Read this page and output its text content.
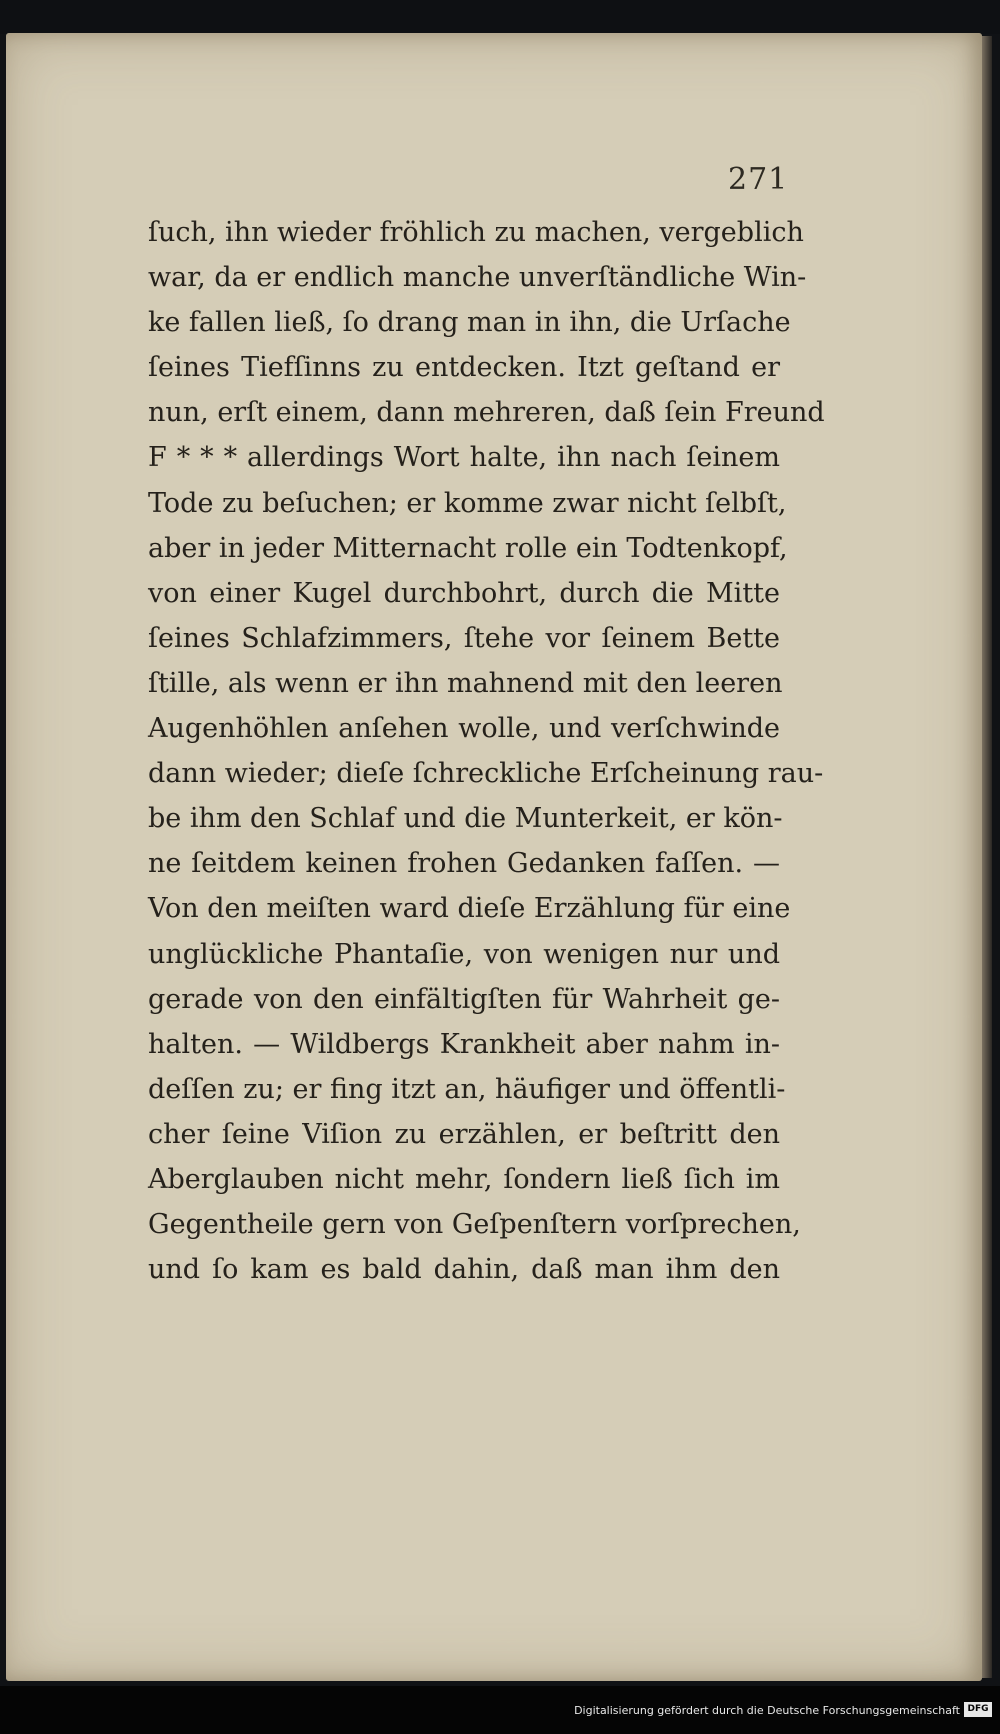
271
ſuch, ihn wieder fröhlich zu machen, vergeblich
war, da er endlich manche unverſtändliche Win-
ke fallen ließ, ſo drang man in ihn, die Urſache
ſeines Tiefſinns zu entdecken. Itzt geſtand er
nun, erſt einem, dann mehreren, daß ſein Freund
F * * * allerdings Wort halte, ihn nach ſeinem
Tode zu beſuchen; er komme zwar nicht ſelbſt,
aber in jeder Mitternacht rolle ein Todtenkopf,
von einer Kugel durchbohrt, durch die Mitte
ſeines Schlafzimmers, ſtehe vor ſeinem Bette
ſtille, als wenn er ihn mahnend mit den leeren
Augenhöhlen anſehen wolle, und verſchwinde
dann wieder; dieſe ſchreckliche Erſcheinung rau-
be ihm den Schlaf und die Munterkeit, er kön-
ne ſeitdem keinen frohen Gedanken faſſen. —
Von den meiſten ward dieſe Erzählung für eine
unglückliche Phantaſie, von wenigen nur und
gerade von den einfältigſten für Wahrheit ge-
halten. — Wildbergs Krankheit aber nahm in-
deſſen zu; er fing itzt an, häufiger und öffentli-
cher ſeine Viſion zu erzählen, er beſtritt den
Aberglauben nicht mehr, ſondern ließ ſich im
Gegentheile gern von Geſpenſtern vorſprechen,
und ſo kam es bald dahin, daß man ihm den
Digitalisierung gefördert durch die Deutsche Forschungsgemeinschaft DFG
